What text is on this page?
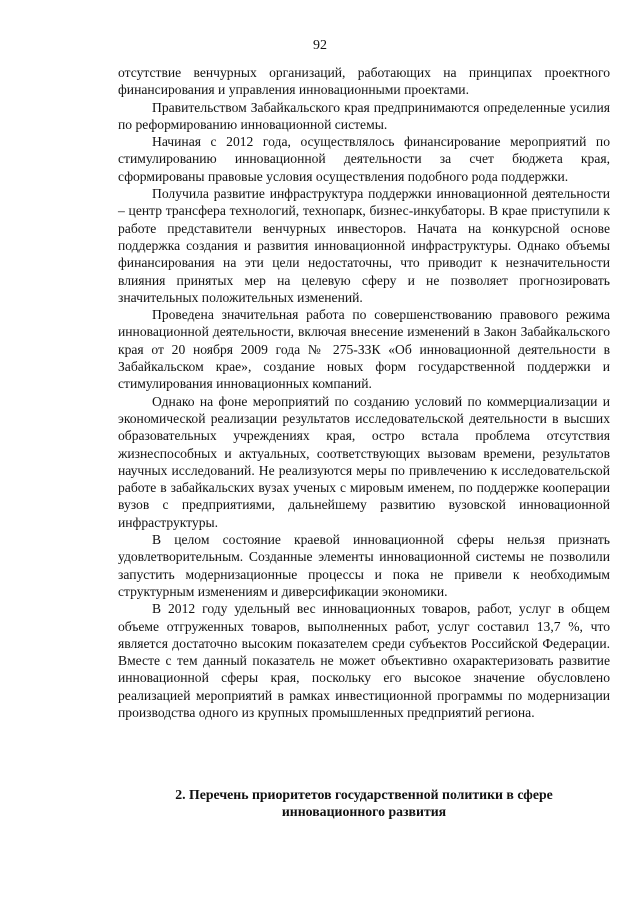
92

отсутствие венчурных организаций, работающих на принципах проектного финансирования и управления инновационными проектами.

Правительством Забайкальского края предпринимаются определенные усилия по реформированию инновационной системы.

Начиная с 2012 года, осуществлялось финансирование мероприятий по стимулированию инновационной деятельности за счет бюджета края, сформированы правовые условия осуществления подобного рода поддержки.

Получила развитие инфраструктура поддержки инновационной деятельности – центр трансфера технологий, технопарк, бизнес-инкубаторы. В крае приступили к работе представители венчурных инвесторов. Начата на конкурсной основе поддержка создания и развития инновационной инфраструктуры. Однако объемы финансирования на эти цели недостаточны, что приводит к незначительности влияния принятых мер на целевую сферу и не позволяет прогнозировать значительных положительных изменений.

Проведена значительная работа по совершенствованию правового режима инновационной деятельности, включая внесение изменений в Закон Забайкальского края от 20 ноября 2009 года № 275-ЗЗК «Об инновационной деятельности в Забайкальском крае», создание новых форм государственной поддержки и стимулирования инновационных компаний.

Однако на фоне мероприятий по созданию условий по коммерциализации и экономической реализации результатов исследовательской деятельности в высших образовательных учреждениях края, остро встала проблема отсутствия жизнеспособных и актуальных, соответствующих вызовам времени, результатов научных исследований. Не реализуются меры по привлечению к исследовательской работе в забайкальских вузах ученых с мировым именем, по поддержке кооперации вузов с предприятиями, дальнейшему развитию вузовской инновационной инфраструктуры.

В целом состояние краевой инновационной сферы нельзя признать удовлетворительным. Созданные элементы инновационной системы не позволили запустить модернизационные процессы и пока не привели к необходимым структурным изменениям и диверсификации экономики.

В 2012 году удельный вес инновационных товаров, работ, услуг в общем объеме отгруженных товаров, выполненных работ, услуг составил 13,7 %, что является достаточно высоким показателем среди субъектов Российской Федерации. Вместе с тем данный показатель не может объективно охарактеризовать развитие инновационной сферы края, поскольку его высокое значение обусловлено реализацией мероприятий в рамках инвестиционной программы по модернизации производства одного из крупных промышленных предприятий региона.

2. Перечень приоритетов государственной политики в сфере
инновационного развития
